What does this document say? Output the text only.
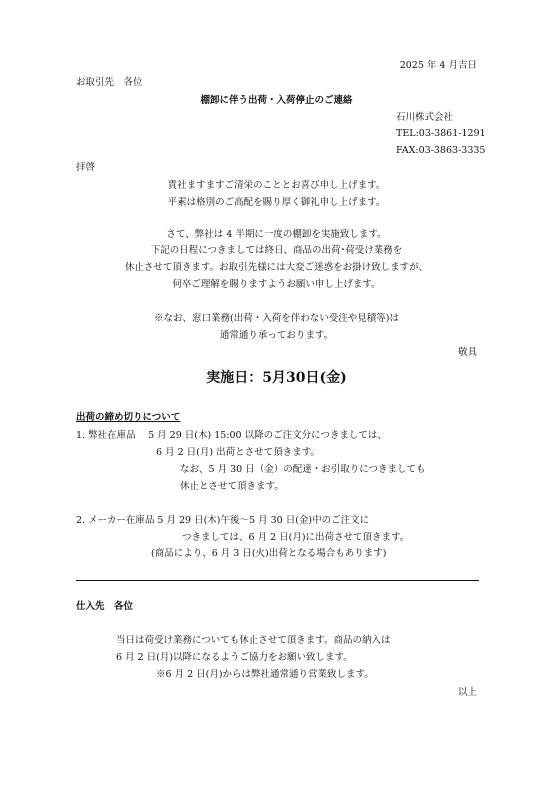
2025 年 4 月吉日
お取引先　各位
棚卸に伴う出荷・入荷停止のご連絡
石川株式会社
TEL:03-3861-1291
FAX:03-3863-3335
拝啓
貴社ますますご清栄のこととお喜び申し上げます。
平素は格別のご高配を賜り厚く御礼申し上げます。
さて、弊社は 4 半期に一度の棚卸を実施致します。
下記の日程につきましては終日、商品の出荷･荷受け業務を
休止させて頂きます。お取引先様には大変ご迷惑をお掛け致しますが、
何卒ご理解を賜りますようお願い申し上げます。
※なお、窓口業務(出荷・入荷を伴わない受注や見積等)は
通常通り承っております。
敬具
実施日：5月30日(金)
出荷の締め切りについて
1. 弊社在庫品　 5 月 29 日(木) 15:00 以降のご注文分につきましては、
6 月 2 日(月) 出荷とさせて頂きます。
なお、5 月 30 日（金）の配達・お引取りにつきましても
休止とさせて頂きます。
2. メーカー在庫品 5 月 29 日(木)午後～5 月 30 日(金)中のご注文に
つきましては、6 月 2 日(月)に出荷させて頂きます。
(商品により、6 月 3 日(火)出荷となる場合もあります)
仕入先　各位
当日は荷受け業務についても休止させて頂きます。商品の納入は
6 月 2 日(月)以降になるようご協力をお願い致します。
※6 月 2 日(月)からは弊社通常通り営業致します。
以上
